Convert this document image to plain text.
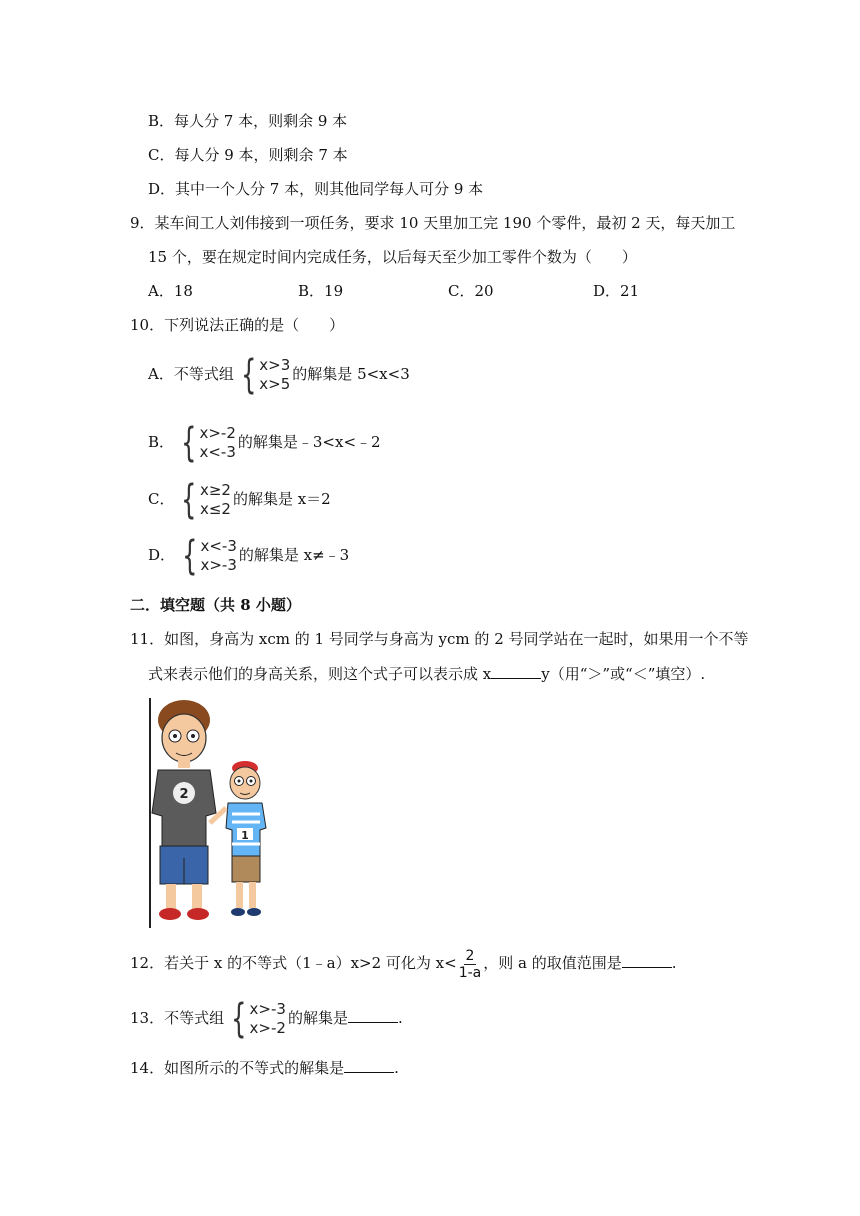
B．每人分 7 本，则剩余 9 本
C．每人分 9 本，则剩余 7 本
D．其中一个人分 7 本，则其他同学每人可分 9 本
9．某车间工人刘伟接到一项任务，要求 10 天里加工完 190 个零件，最初 2 天，每天加工
15 个，要在规定时间内完成任务，以后每天至少加工零件个数为（　　）
A．18	B．19	C．20	D．21
10．下列说法正确的是（　　）
A．不等式组 { x>3
x>5
的解集是 5<x<3
B． { x>-2
x<-3
的解集是﹣3<x<﹣2
C． { x≥2
x≤2
的解集是 x＝2
D． { x<-3
x>-3
的解集是 x≠﹣3
二．填空题（共 8 小题）
11．如图，身高为 xcm 的 1 号同学与身高为 ycm 的 2 号同学站在一起时，如果用一个不等
式来表示他们的身高关系，则这个式子可以表示成 x	y（用“＞”或“＜”填空）.
2
1
12．若关于 x 的不等式（1﹣a）x>2 可化为 $x< \frac{2}{1-a}$ ，则 a 的取值范围是	.
13．不等式组 { x>-3
x>-2
的解集是	.
14．如图所示的不等式的解集是	.
